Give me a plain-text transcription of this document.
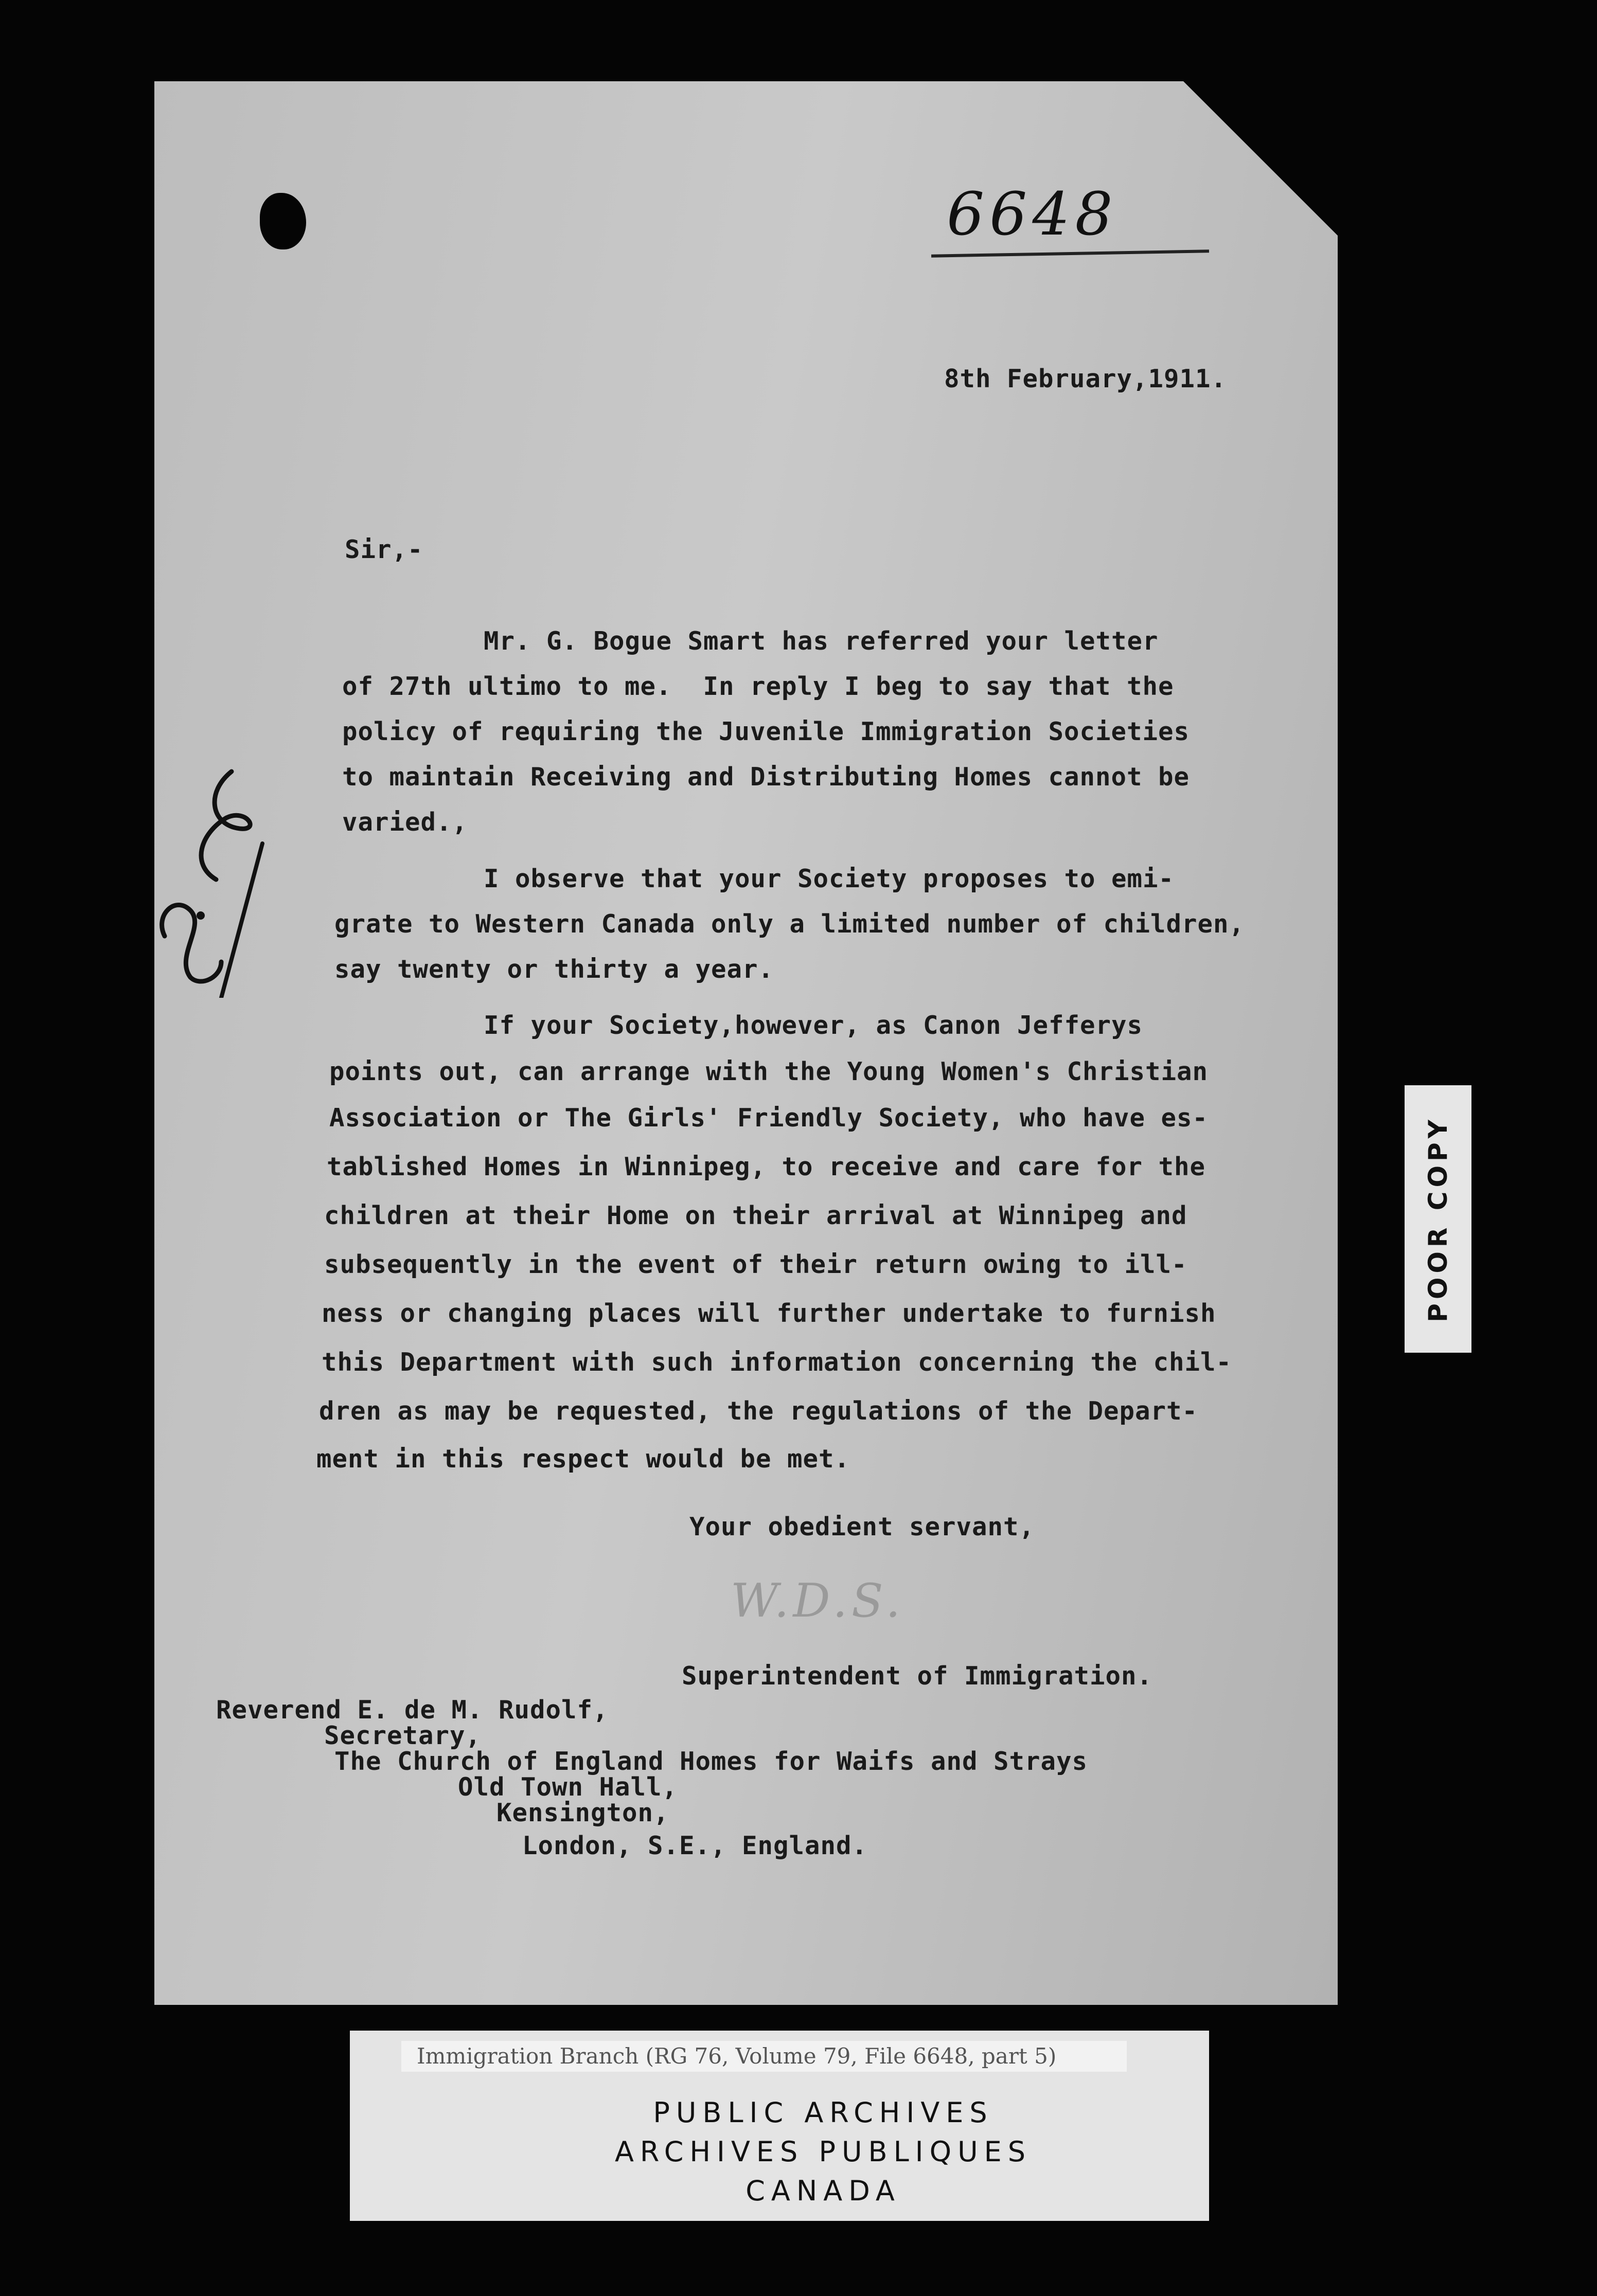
6648
8th February,1911.
Sir,-
Mr. G. Bogue Smart has referred your letter
of 27th ultimo to me.  In reply I beg to say that the
policy of requiring the Juvenile Immigration Societies
to maintain Receiving and Distributing Homes cannot be
varied.,
I observe that your Society proposes to emi-
grate to Western Canada only a limited number of children,
say twenty or thirty a year.
If your Society,however, as Canon Jefferys
points out, can arrange with the Young Women's Christian
Association or The Girls' Friendly Society, who have es-
tablished Homes in Winnipeg, to receive and care for the
children at their Home on their arrival at Winnipeg and
subsequently in the event of their return owing to ill-
ness or changing places will further undertake to furnish
this Department with such information concerning the chil-
dren as may be requested, the regulations of the Depart-
ment in this respect would be met.
Your obedient servant,
W.D.S.
Superintendent of Immigration.
Reverend E. de M. Rudolf,
Secretary,
The Church of England Homes for Waifs and Strays
Old Town Hall,
Kensington,
London, S.E., England.
POOR COPY
Immigration Branch (RG 76, Volume 79, File 6648, part 5)
PUBLIC ARCHIVES
ARCHIVES PUBLIQUES
CANADA
